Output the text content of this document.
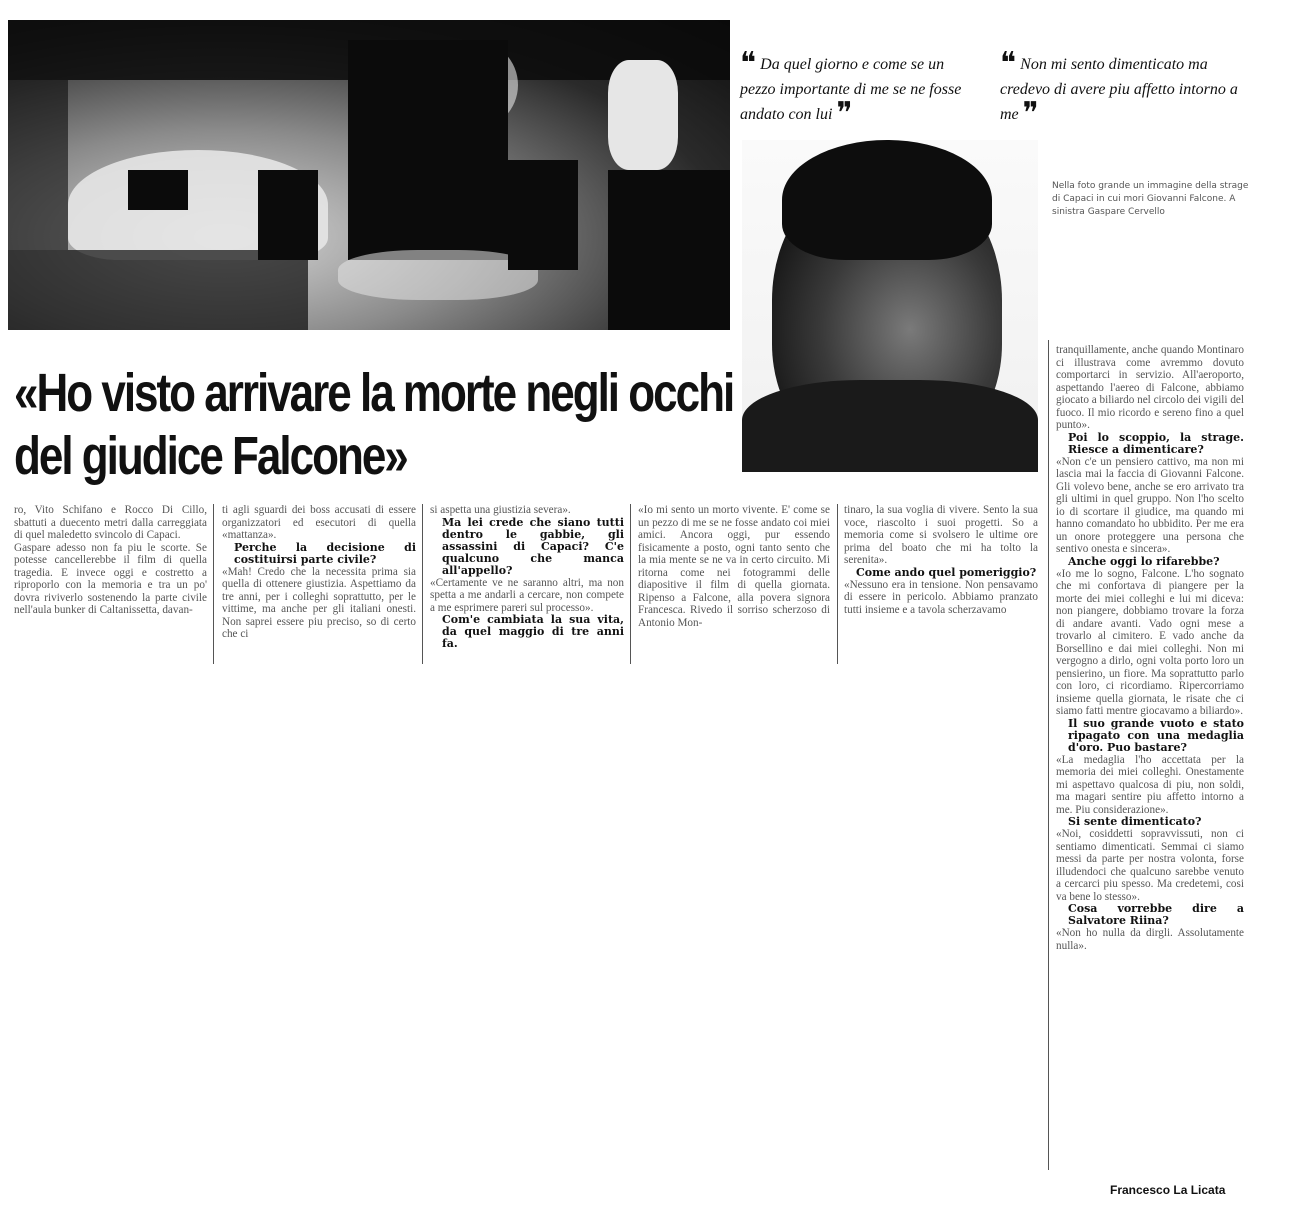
❝ Da quel giorno e come se un pezzo importante di me se ne fosse andato con lui ❞
❝ Non mi sento dimenticato ma credevo di avere piu affetto intorno a me ❞
Nella foto grande un immagine della strage di Capaci in cui mori Giovanni Falcone. A sinistra Gaspare Cervello
«Ho visto arrivare la morte negli occhi del giudice Falcone»

ro, Vito Schifano e Rocco Di Cillo, sbattuti a duecento metri dalla carreggiata di quel maledetto svincolo di Capaci.

Gaspare adesso non fa piu le scorte. Se potesse cancellerebbe il film di quella tragedia. E invece oggi e costretto a riproporlo con la memoria e tra un po' dovra riviverlo sostenendo la parte civile nell'aula bunker di Caltanissetta, davan-

ti agli sguardi dei boss accusati di essere organizzatori ed esecutori di quella «mattanza».

Perche la decisione di costituirsi parte civile?

«Mah! Credo che la necessita prima sia quella di ottenere giustizia. Aspettiamo da tre anni, per i colleghi soprattutto, per le vittime, ma anche per gli italiani onesti. Non saprei essere piu preciso, so di certo che ci

si aspetta una giustizia severa».

Ma lei crede che siano tutti dentro le gabbie, gli assassini di Capaci? C'e qualcuno che manca all'appello?

«Certamente ve ne saranno altri, ma non spetta a me andarli a cercare, non compete a me esprimere pareri sul processo».

Com'e cambiata la sua vita, da quel maggio di tre anni fa.

«Io mi sento un morto vivente. E' come se un pezzo di me se ne fosse andato coi miei amici. Ancora oggi, pur essendo fisicamente a posto, ogni tanto sento che la mia mente se ne va in certo circuito. Mi ritorna come nei fotogrammi delle diapositive il film di quella giornata. Ripenso a Falcone, alla povera signora Francesca. Rivedo il sorriso scherzoso di Antonio Mon-

tinaro, la sua voglia di vivere. Sento la sua voce, riascolto i suoi progetti. So a memoria come si svolsero le ultime ore prima del boato che mi ha tolto la serenita».

Come ando quel pomeriggio?

«Nessuno era in tensione. Non pensavamo di essere in pericolo. Abbiamo pranzato tutti insieme e a tavola scherzavamo

tranquillamente, anche quando Montinaro ci illustrava come avremmo dovuto comportarci in servizio. All'aeroporto, aspettando l'aereo di Falcone, abbiamo giocato a biliardo nel circolo dei vigili del fuoco. Il mio ricordo e sereno fino a quel punto».

Poi lo scoppio, la strage. Riesce a dimenticare?

«Non c'e un pensiero cattivo, ma non mi lascia mai la faccia di Giovanni Falcone. Gli volevo bene, anche se ero arrivato tra gli ultimi in quel gruppo. Non l'ho scelto io di scortare il giudice, ma quando mi hanno comandato ho ubbidito. Per me era un onore proteggere una persona che sentivo onesta e sincera».

Anche oggi lo rifarebbe?

«Io me lo sogno, Falcone. L'ho sognato che mi confortava di piangere per la morte dei miei colleghi e lui mi diceva: non piangere, dobbiamo trovare la forza di andare avanti. Vado ogni mese a trovarlo al cimitero. E vado anche da Borsellino e dai miei colleghi. Non mi vergogno a dirlo, ogni volta porto loro un pensierino, un fiore. Ma soprattutto parlo con loro, ci ricordiamo. Ripercorriamo insieme quella giornata, le risate che ci siamo fatti mentre giocavamo a biliardo».

Il suo grande vuoto e stato ripagato con una medaglia d'oro. Puo bastare?

«La medaglia l'ho accettata per la memoria dei miei colleghi. Onestamente mi aspettavo qualcosa di piu, non soldi, ma magari sentire piu affetto intorno a me. Piu considerazione».

Si sente dimenticato?

«Noi, cosiddetti sopravvissuti, non ci sentiamo dimenticati. Semmai ci siamo messi da parte per nostra volonta, forse illudendoci che qualcuno sarebbe venuto a cercarci piu spesso. Ma credetemi, cosi va bene lo stesso».

Cosa vorrebbe dire a Salvatore Riina?

«Non ho nulla da dirgli. Assolutamente nulla».

Francesco La Licata
